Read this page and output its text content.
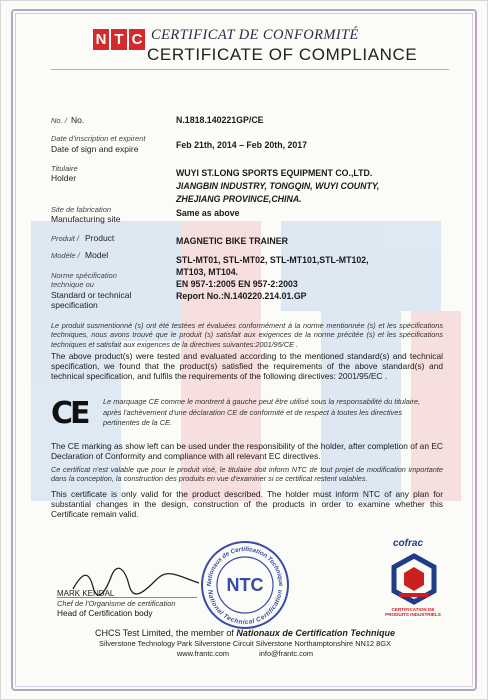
N T C CERTIFICAT DE CONFORMITÉ
CERTIFICATE OF COMPLIANCE
No. / No.	N.1818.140221GP/CE
Date d'inscription et expirent
Date of sign and expire	Feb 21th, 2014 – Feb 20th, 2017
Titulaire
Holder	WUYI ST.LONG SPORTS EQUIPMENT CO.,LTD.
JIANGBIN INDUSTRY, TONGQIN, WUYI COUNTY,
ZHEJIANG PROVINCE,CHINA.
Site de fabrication
Manufacturing site
Same as above
Produit / Product	MAGNETIC BIKE TRAINER
Modèle / Model	STL-MT01, STL-MT02, STL-MT101,STL-MT102,
MT103, MT104.
Norme spécification
technique ou
Standard or technical
specification
EN 957-1:2005 EN 957-2:2003
Report No.:N.140220.214.01.GP
Le produit susmentionné (s) ont été testées et évaluées conformément à la norme mentionnée (s) et les spécifications techniques, nous avons trouvé que le produit (s) satisfait aux exigences de la norme précitée (s) et les spécifications techniques et satisfait aux exigences de la directives suivantes:2001/95/CE .
The above product(s) were tested and evaluated according to the mentioned standard(s) and technical specification, we found that the product(s) satisfied the requirements of the above standard(s) and technical specification, and fulfils the requirements of the following directives: 2001/95/EC .
CE	Le marquage CE comme le montrent à gauche peut être utilisé sous la responsabilité du titulaire,
après l'achèvement d'une déclaration CE de conformité et de respect à toutes les directives
pertinentes de la CE.
The CE marking as show left can be used under the responsibility of the holder, after completion of an EC Declaration of Conformity and compliance with all relevant EC directives.
Ce certificat n'est valable que pour le produit visé, le titulaire doit inform NTC de tout projet de modification importante dans la conception, la construction des produits en vue d'examiner si ce certificat restent valables.
This certificate is only valid for the product described. The holder must inform NTC of any plan for substantial changes in the design, construction of the products in order to examine whether this Certificate remain valid.
MARK KENDAL
Chef de l'Organisme de certification
Head of Certification body
Nationaux de Certification Technique
National Technical Certification
NTC
cofrac
CERTIFICATION DE PRODUITS INDUSTRIELS
CHCS Test Limited, the member of Nationaux de Certification Technique
Silverstone Technology Park Silverstone Circuit Silverstone Northamptonshire NN12 8GX
www.frantc.com	info@frantc.com
